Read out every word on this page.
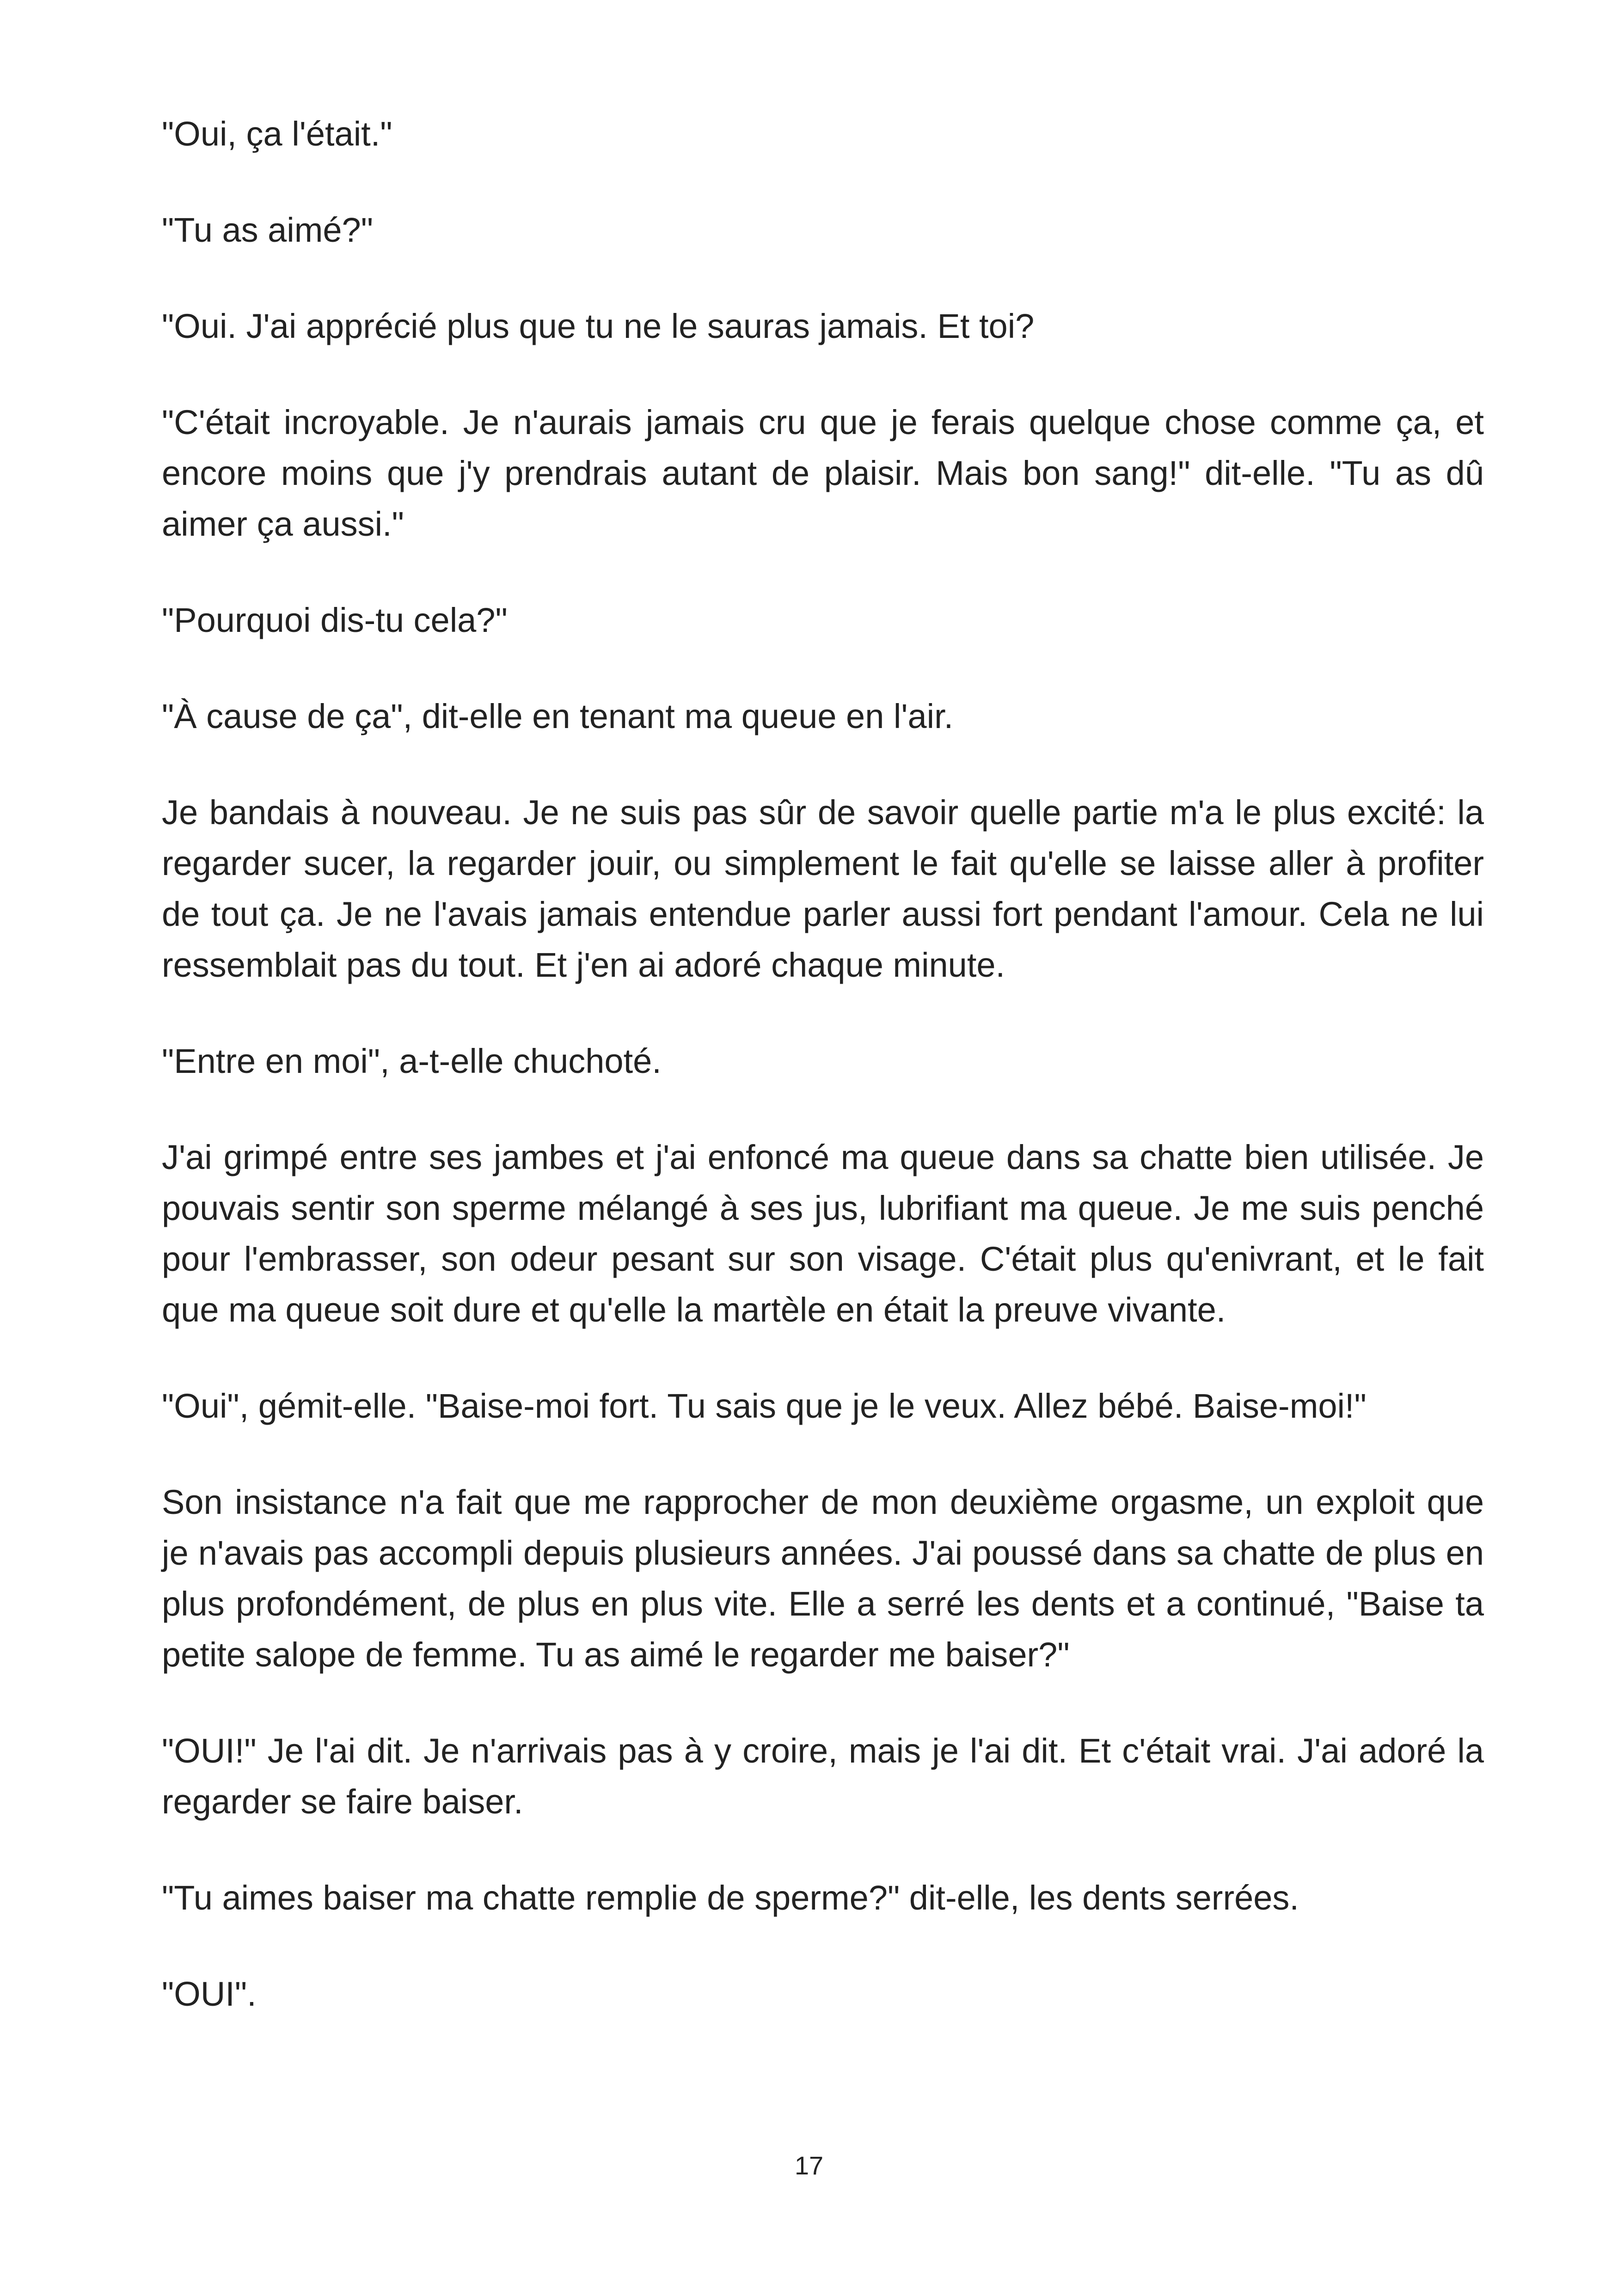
"Oui, ça l'était."

"Tu as aimé?"

"Oui. J'ai apprécié plus que tu ne le sauras jamais. Et toi?

"C'était incroyable. Je n'aurais jamais cru que je ferais quelque chose comme ça, et encore moins que j'y prendrais autant de plaisir. Mais bon sang!" dit-elle. "Tu as dû aimer ça aussi."

"Pourquoi dis-tu cela?"

"À cause de ça", dit-elle en tenant ma queue en l'air.

Je bandais à nouveau. Je ne suis pas sûr de savoir quelle partie m'a le plus excité: la regarder sucer, la regarder jouir, ou simplement le fait qu'elle se laisse aller à profiter de tout ça. Je ne l'avais jamais entendue parler aussi fort pendant l'amour. Cela ne lui ressemblait pas du tout. Et j'en ai adoré chaque minute.

"Entre en moi", a-t-elle chuchoté.

J'ai grimpé entre ses jambes et j'ai enfoncé ma queue dans sa chatte bien utilisée. Je pouvais sentir son sperme mélangé à ses jus, lubrifiant ma queue. Je me suis penché pour l'embrasser, son odeur pesant sur son visage. C'était plus qu'enivrant, et le fait que ma queue soit dure et qu'elle la martèle en était la preuve vivante.

"Oui", gémit-elle. "Baise-moi fort. Tu sais que je le veux. Allez bébé. Baise-moi!"

Son insistance n'a fait que me rapprocher de mon deuxième orgasme, un exploit que je n'avais pas accompli depuis plusieurs années. J'ai poussé dans sa chatte de plus en plus profondément, de plus en plus vite. Elle a serré les dents et a continué, "Baise ta petite salope de femme. Tu as aimé le regarder me baiser?"

"OUI!" Je l'ai dit. Je n'arrivais pas à y croire, mais je l'ai dit. Et c'était vrai. J'ai adoré la regarder se faire baiser.

"Tu aimes baiser ma chatte remplie de sperme?" dit-elle, les dents serrées.

"OUI".

17
